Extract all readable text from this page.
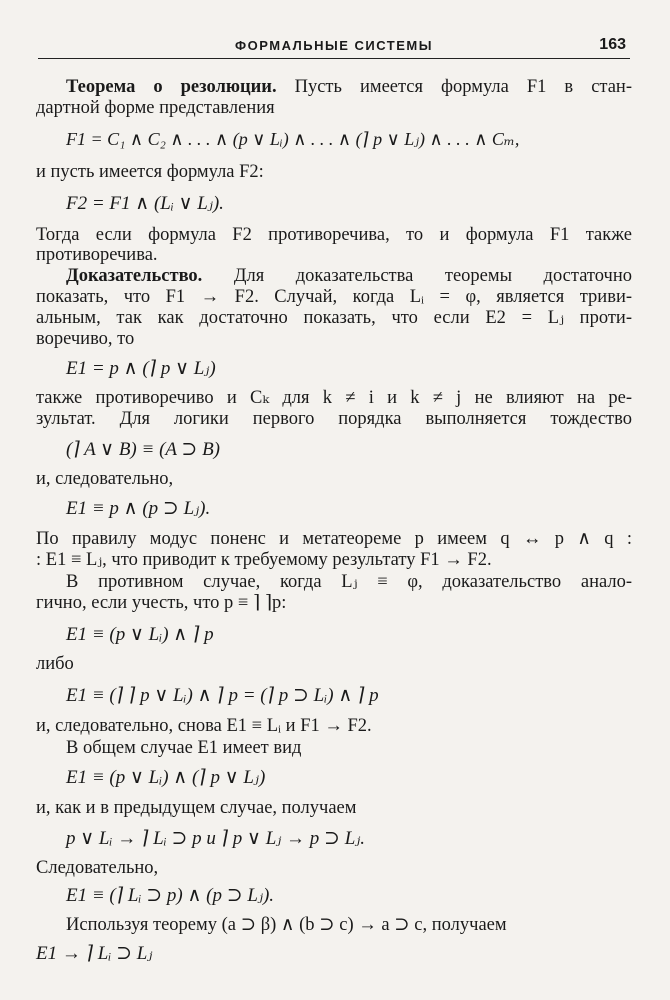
ФОРМАЛЬНЫЕ СИСТЕМЫ	163
Теорема о резолюции. Пусть имеется формула F1 в стан-
дартной форме представления
F1 = C₁ ∧ C₂ ∧ . . . ∧ (p ∨ Lᵢ) ∧ . . . ∧ (⌉ p ∨ Lⱼ) ∧ . . . ∧ Cₘ,
и пусть имеется формула F2:
F2 = F1 ∧ (Lᵢ ∨ Lⱼ).
Тогда если формула F2 противоречива, то и формула F1 также
противоречива.
Доказательство. Для доказательства теоремы достаточно
показать, что F1 → F2. Случай, когда Lᵢ = φ, является триви-
альным, так как достаточно показать, что если E2 = Lⱼ проти-
воречиво, то
E1 = p ∧ (⌉ p ∨ Lⱼ)
также противоречиво и Cₖ для k ≠ i и k ≠ j не влияют на ре-
зультат. Для логики первого порядка выполняется тождество
(⌉ A ∨ B) ≡ (A ⊃ B)
и, следовательно,
E1 ≡ p ∧ (p ⊃ Lⱼ).
По правилу модус поненс и метатеореме p имеем q ↔ p ∧ q :
: E1 ≡ Lⱼ, что приводит к требуемому результату F1 → F2.
В противном случае, когда Lⱼ ≡ φ, доказательство анало-
гично, если учесть, что p ≡ ⌉ ⌉p:
E1 ≡ (p ∨ Lᵢ) ∧ ⌉ p
либо
E1 ≡ (⌉ ⌉ p ∨ Lᵢ) ∧ ⌉ p = (⌉ p ⊃ Lᵢ) ∧ ⌉ p
и, следовательно, снова E1 ≡ Lᵢ и F1 → F2.
В общем случае E1 имеет вид
E1 ≡ (p ∨ Lᵢ) ∧ (⌉ p ∨ Lⱼ)
и, как и в предыдущем случае, получаем
p ∨ Lᵢ → ⌉ Lᵢ ⊃ p и ⌉ p ∨ Lⱼ → p ⊃ Lⱼ.
Следовательно,
E1 ≡ (⌉ Lᵢ ⊃ p) ∧ (p ⊃ Lⱼ).
Используя теорему (a ⊃ β) ∧ (b ⊃ c) → a ⊃ c, получаем
E1 → ⌉ Lᵢ ⊃ Lⱼ
